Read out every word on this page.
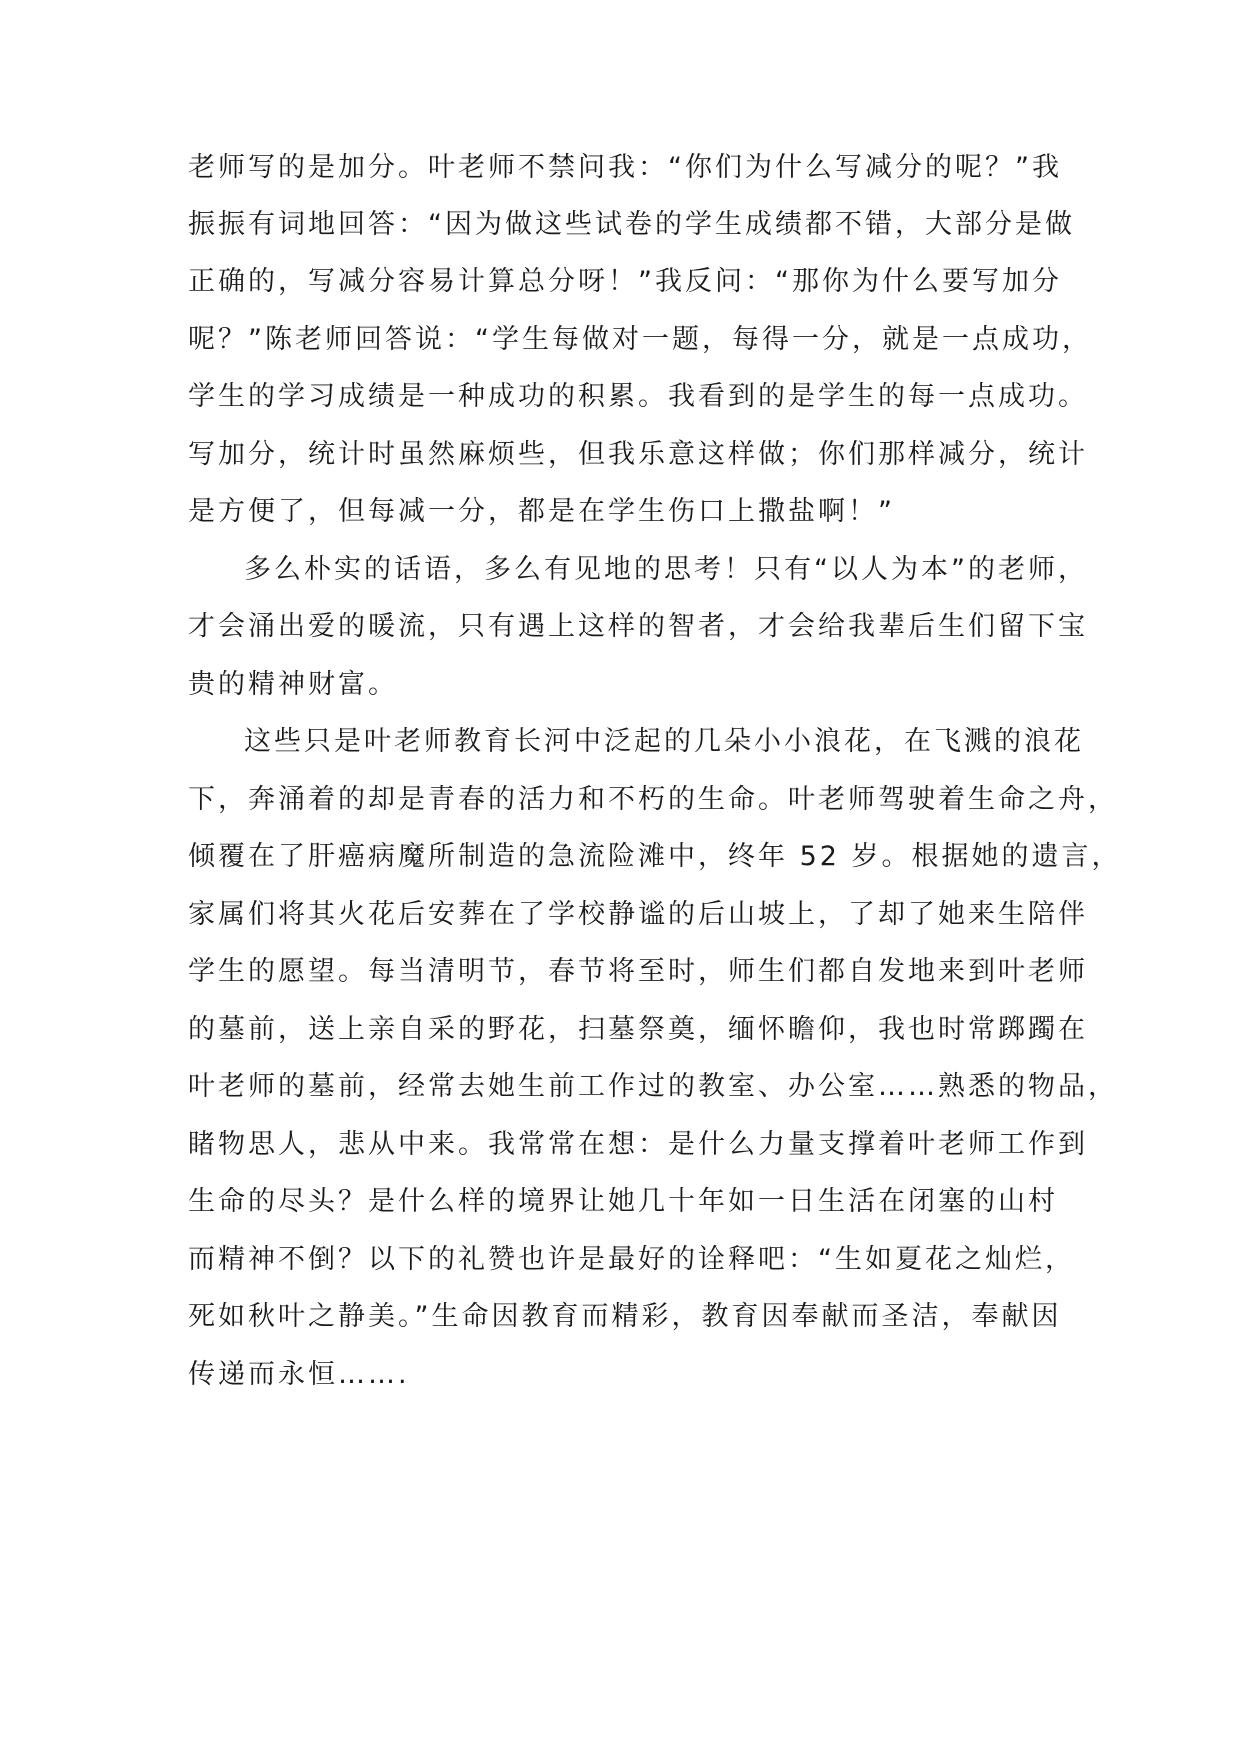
老师写的是加分。叶老师不禁问我：“你们为什么写减分的呢？”我
振振有词地回答：“因为做这些试卷的学生成绩都不错，大部分是做
正确的，写减分容易计算总分呀！”我反问：“那你为什么要写加分
呢？”陈老师回答说：“学生每做对一题，每得一分，就是一点成功，
学生的学习成绩是一种成功的积累。我看到的是学生的每一点成功。
写加分，统计时虽然麻烦些，但我乐意这样做；你们那样减分，统计
是方便了，但每减一分，都是在学生伤口上撒盐啊！”
多么朴实的话语，多么有见地的思考！只有“以人为本”的老师，
才会涌出爱的暖流，只有遇上这样的智者，才会给我辈后生们留下宝
贵的精神财富。
这些只是叶老师教育长河中泛起的几朵小小浪花，在飞溅的浪花
下，奔涌着的却是青春的活力和不朽的生命。叶老师驾驶着生命之舟，
倾覆在了肝癌病魔所制造的急流险滩中，终年 52 岁。根据她的遗言，
家属们将其火花后安葬在了学校静谧的后山坡上，了却了她来生陪伴
学生的愿望。每当清明节，春节将至时，师生们都自发地来到叶老师
的墓前，送上亲自采的野花，扫墓祭奠，缅怀瞻仰，我也时常踯躅在
叶老师的墓前，经常去她生前工作过的教室、办公室……熟悉的物品，
睹物思人，悲从中来。我常常在想：是什么力量支撑着叶老师工作到
生命的尽头？是什么样的境界让她几十年如一日生活在闭塞的山村
而精神不倒？以下的礼赞也许是最好的诠释吧：“生如夏花之灿烂，
死如秋叶之静美。”生命因教育而精彩，教育因奉献而圣洁，奉献因
传递而永恒…….
